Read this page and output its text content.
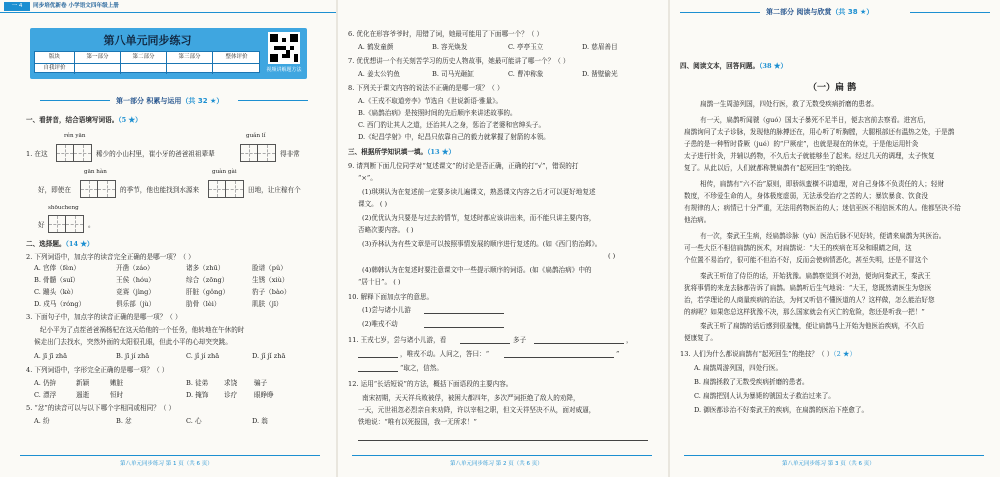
一 4	同步培优新卷 小学语文四年级上册
第八单元同步练习
版块	第一部分	第二部分	第三部分	整体评价
自我评价	视频讲解题方法
第一部分 积累与运用（共 32 ★）
一、看拼音，结合语境写词语。（5 ★）
rén yān
1. 在这	稀少的小山村里，崔小牙的爸爸祖祖辈辈
guǎn lǐ
得非常
gān hàn
好，即使在	的季节，他也能找到水源来
guàn gài
田地，让庄稼有个
shōucheng
好	。
二、选择题。（14 ★）
2. 下列词语中，加点字的读音完全正确的是哪一项？（ ）
A. 官俸（fèn）	开凿（záo）	诸多（zhū）	脸谱（pǔ）
B. 骨髓（suǐ）	王侯（hóu）	综合（zōng）	生锈（xiù）
C. 蹦头（kè）	竞赛（jìng）	肝脏（gǒng）	豹子（bào）
D. 戍马（róng）	俱乐部（jù）	肋骨（lèi）	肌肤（jī）
3. 下面句子中，加点字的读音正确的是哪一项？（ ）
纪小平为了点茬爸爸祸杨杞在这天给他的一个任务，他转地在午休的时
候走出门去找水，突然外面的太阳很孔眼，但此小平的心却突突跳。
A. jī jī zhā	B. jī jí zhā	C. jǐ jí zhā	D. jǐ jǐ zhā
4. 下列词语中，字形完全正确的是哪一项？（ ）
A. 仍拚	新颖	嫩脏	B. 徒弟 求饶	骗子
C. 漂浮	遏逝	恒时	D. 掩饰 诊疗	眼睁睁
5. “忿”的读音可以与以下哪个字相同或相同？（ ）
A. 纷	B. 忿	C. 心	D. 翁
第八单元同步练习 第 1 页（共 6 页）
6. 优化在形容爷爷时，用错了词，她最可能用了下面哪一个？（ ）
A. 鹤发童颜	B. 容光焕发	C. 亭亭玉立	D. 慈眉善目
7. 优优想讲一个有关刻苦学习的历史人物故事，她最可能讲了哪一个？（ ）
A. 姜太公钓鱼	B. 司马光砸缸	C. 曹冲称象	D. 凿壁偷光
8. 下列关于课文内容的说法不正确的是哪一项？（ ）
A.《王戎不取道旁李》节选自《世说新语·雅量》。
B.《扁鹊治病》是按照时间的先后顺序来讲述故事的。
C. 西门豹让其人之道，还治其人之身，惩治了老婆和官绅头子。
D.《纪昌学射》中，纪昌只依靠自己的毅力就掌握了射箭的本领。
三、根据所学知识填一填。（13 ★）
9. 请判断下面几位同学对“复述课文”的讨论是否正确，正确的打“√”，错误的打
“×”。
(1)琪琪认为在复述前一定要多读儿遍课文，熟悉课文内容之后才可以更好地复述
课文。 ( )
(2)优优认为只要是与过去的情节，复述时都应该讲出来，而不能只讲主要内容，
否略次要内容。 ( )
(3)乔林认为有些文章是可以按照事情发展的顺序进行复述的。(如《西门豹治邺》。
( )
(4)韩韩认为在复述时要注意课文中一些提示顺序的词语。(如《扁鹊治病》中的
“居十日”。 ( )
10. 解释下面加点字的意思。
(1)尝与诸小儿游
(2)唯戎不动
11. 王戎七岁，尝与诸小儿游，看	多子	，
，唯戎不动。人问之，答曰：“	”
“取之，信然。
12. 运用“长话短说”的方法，概括下面语段的主要内容。
南宋初期，天天祥兵败被俘，被困大都四年，多次严词拒绝了敌人的劝降，
一天，元世祖忽必烈亲自来劝降，许以宰相之职，但文天祥坚决不从，面对威逼，
铁地说：“唯有以死报国，我一无所求！”
第八单元同步练习 第 2 页（共 6 页）
第二部分 阅读与欣赏（共 38 ★）
四、阅读文本，回答问题。（38 ★）
（一）扁 鹊
扁鹊一生周游列国，四处行医，救了无数受疾病折磨的患者。
有一天，扁鹊听闻虢（guó）国太子暴死不足半日，便去宫前去察看。进宫后，
扁鹊询问了太子诊脉，发现他的脉搏还在，用心听了听胸膛，大腿根部还有温热之处，于是鹊
子患的是一种暂时昏厥（jué）的“尸厥症”，也就是现在的休克，于是他运用针灸
太子进行针灸，并辅以药物，不久后太子就能够坐了起来。经过几天的调理，太子恢复
复了。从此以后，人们就都称赞扁鹊有“起死回生”的绝技。
相传，扁鹊有“六不治”原则，即骄纵蛮横不讲道理，对自己身体不负责任的人；轻财
数度，不珍爱生命的人，身体极度虚弱，无法承受治疗之苦的人；暴饮暴食、饮食没
有规律的人；病情已十分严重，无法用药物医治的人；迷信巫医不相信医术的人。他都坚决不给
他治病。
有一次，秦武王生病，经扁鹊诊脉（yǔ）医治后脉不见好转，便请来扁鹊为其医治。
可一些大臣不相信扁鹊的医术，对扁鹊说：“大王的疾病在耳朵和眼睛之间，这
个位置不易治疗，很可能不但治不好，反而会使病情恶化，甚至失明，还是不冒这个
秦武王听信了侍臣的话，开始犹豫。扁鹊察觉到不对劲，便询问秦武王，秦武王
犹将事情的来龙去脉都告诉了扁鹊。扁鹊听后生气地说：“大王，您既然请医生为您医
治，若学理论的人商量疾病的治法，为何又听信不懂医道的人？这样做，怎么能治好您
的病呢？如果您总这样犹豫不决，那么国家就会有灭亡的危险，您还是听我一把！”
秦武王听了扁鹊的话后感到很羞愧，便让扁鹊马上开始为他医治疾病，不久后
便康复了。
13. 人们为什么都说扁鹊有“起死回生”的绝技？（ ）（2 ★）
A. 扁鹊周游列国，四处行医。
B. 扁鹊拯救了无数受疾病折磨的患者。
C. 扁鹊把别人认为暴毙的虢国太子救治过来了。
D. 御医都诊治不好秦武王的疾病，在扁鹊的医治下痊愈了。
第八单元同步练习 第 3 页（共 6 页）
